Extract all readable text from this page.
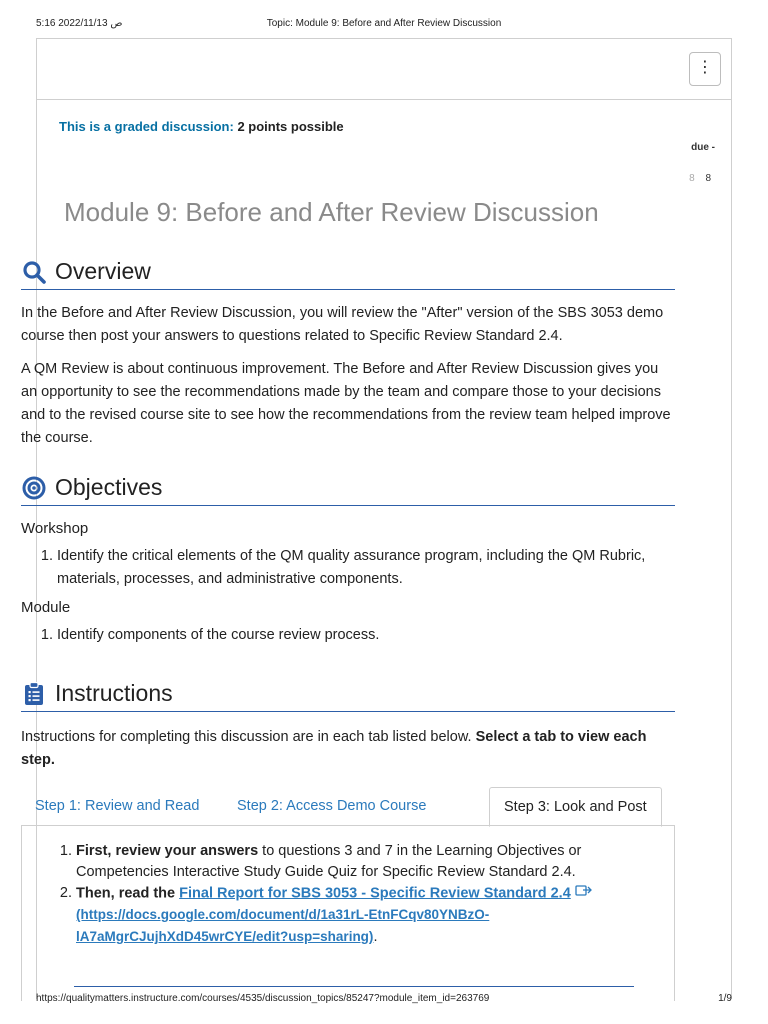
5:16 2022/11/13 ص	Topic: Module 9: Before and After Review Discussion
⋮
This is a graded discussion: 2 points possible
due -
8 8
Module 9: Before and After Review Discussion
Overview

In the Before and After Review Discussion, you will review the "After" version of the SBS 3053 demo course then post your answers to questions related to Specific Review Standard 2.4.

A QM Review is about continuous improvement. The Before and After Review Discussion gives you an opportunity to see the recommendations made by the team and compare those to your decisions and to the revised course site to see how the recommendations from the review team helped improve the course.

Objectives
Workshop
1. Identify the critical elements of the QM quality assurance program, including the QM Rubric, materials, processes, and administrative components.
Module
1. Identify components of the course review process.
Instructions

Instructions for completing this discussion are in each tab listed below. Select a tab to view each step.

Step 1: Review and Read	Step 2: Access Demo Course	Step 3: Look and Post
1. First, review your answers to questions 3 and 7 in the Learning Objectives or Competencies Interactive Study Guide Quiz for Specific Review Standard 2.4.
2. Then, read the Final Report for SBS 3053 - Specific Review Standard 2.4
(https://docs.google.com/document/d/1a31rL-EtnFCqv80YNBzO-lA7aMgrCJujhXdD45wrCYE/edit?usp=sharing).
https://qualitymatters.instructure.com/courses/4535/discussion_topics/85247?module_item_id=263769	1/9
